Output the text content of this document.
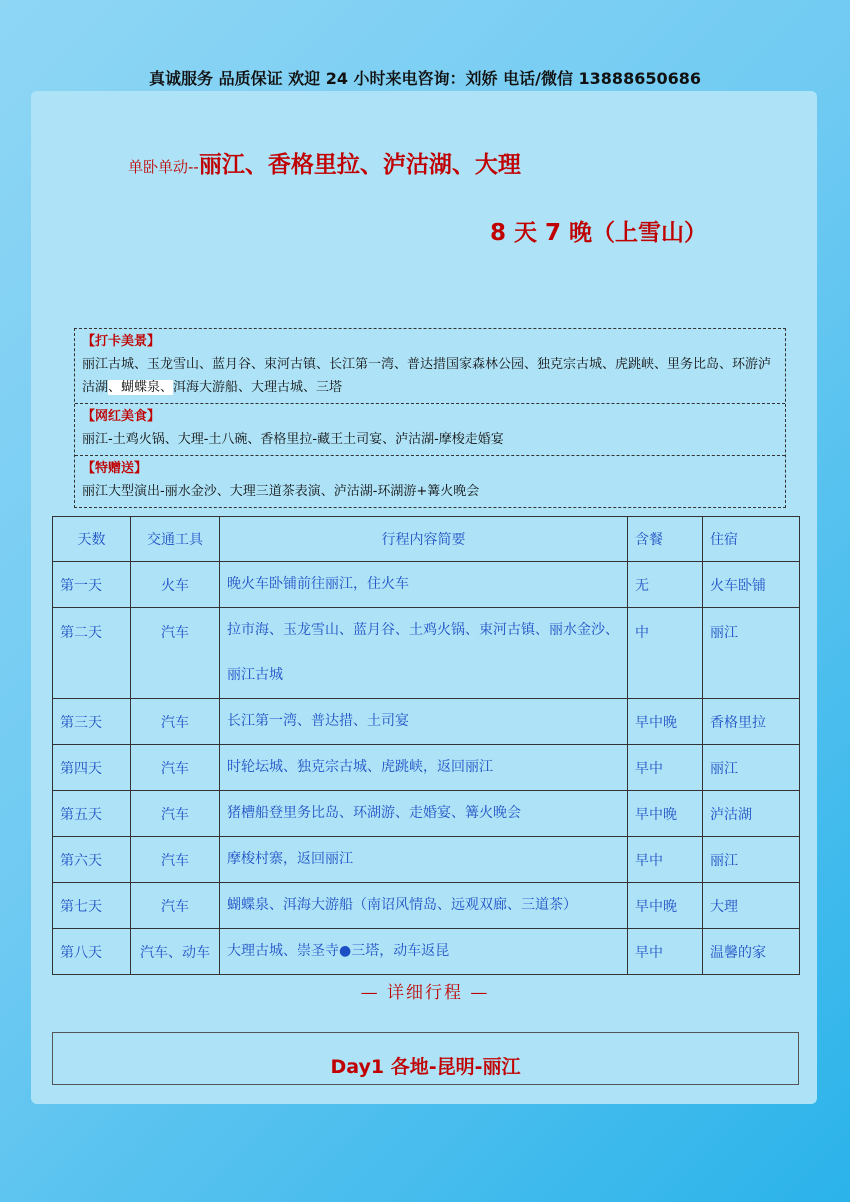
真诚服务 品质保证 欢迎 24 小时来电咨询：刘娇 电话/微信 13888650686
单卧单动--丽江、香格里拉、泸沽湖、大理
8 天 7 晚（上雪山）
【打卡美景】
丽江古城、玉龙雪山、蓝月谷、束河古镇、长江第一湾、普达措国家森林公园、独克宗古城、虎跳峡、里务比岛、环游泸沽湖、蝴蝶泉、洱海大游船、大理古城、三塔
【网红美食】
丽江-土鸡火锅、大理-土八碗、香格里拉-藏王土司宴、泸沽湖-摩梭走婚宴
【特赠送】
丽江大型演出-丽水金沙、大理三道茶表演、泸沽湖-环湖游+篝火晚会
天数	交通工具	行程内容简要	含餐	住宿
第一天	火车	晚火车卧铺前往丽江，住火车	无	火车卧铺
第二天	汽车	拉市海、玉龙雪山、蓝月谷、土鸡火锅、束河古镇、丽水金沙、丽江古城	中	丽江
第三天	汽车	长江第一湾、普达措、土司宴	早中晚	香格里拉
第四天	汽车	时轮坛城、独克宗古城、虎跳峡，返回丽江	早中	丽江
第五天	汽车	猪槽船登里务比岛、环湖游、走婚宴、篝火晚会	早中晚	泸沽湖
第六天	汽车	摩梭村寨，返回丽江	早中	丽江
第七天	汽车	蝴蝶泉、洱海大游船（南诏风情岛、远观双廊、三道茶）	早中晚	大理
第八天	汽车、动车	大理古城、崇圣寺●三塔，动车返昆	早中	温馨的家
— 详细行程 —
Day1 各地-昆明-丽江
